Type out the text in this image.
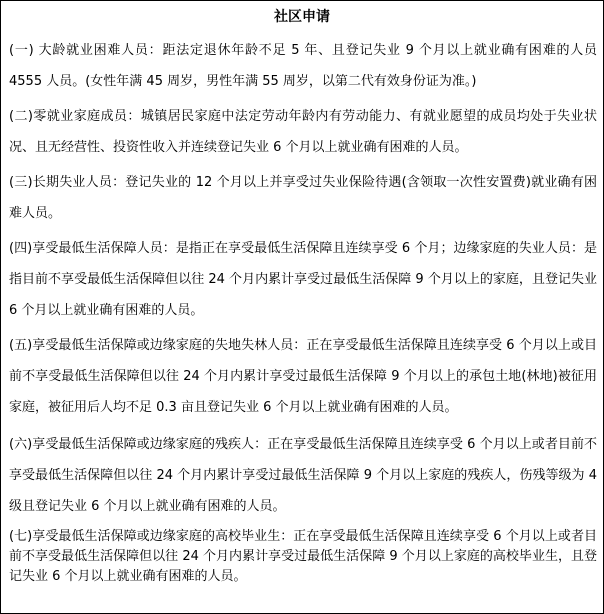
社区申请
(一) 大龄就业困难人员：距法定退休年龄不足 5 年、且登记失业 9 个月以上就业确有困难的人员 4555 人员。(女性年满 45 周岁，男性年满 55 周岁，以第二代有效身份证为准。)
(二)零就业家庭成员：城镇居民家庭中法定劳动年龄内有劳动能力、有就业愿望的成员均处于失业状况、且无经营性、投资性收入并连续登记失业 6 个月以上就业确有困难的人员。
(三)长期失业人员：登记失业的 12 个月以上并享受过失业保险待遇(含领取一次性安置费)就业确有困难人员。
(四)享受最低生活保障人员：是指正在享受最低生活保障且连续享受 6 个月；边缘家庭的失业人员：是指目前不享受最低生活保障但以往 24 个月内累计享受过最低生活保障 9 个月以上的家庭，且登记失业 6 个月以上就业确有困难的人员。
(五)享受最低生活保障或边缘家庭的失地失林人员：正在享受最低生活保障且连续享受 6 个月以上或目前不享受最低生活保障但以往 24 个月内累计享受过最低生活保障 9 个月以上的承包土地(林地)被征用家庭，被征用后人均不足 0.3 亩且登记失业 6 个月以上就业确有困难的人员。
(六)享受最低生活保障或边缘家庭的残疾人：正在享受最低生活保障且连续享受 6 个月以上或者目前不享受最低生活保障但以往 24 个月内累计享受过最低生活保障 9 个月以上家庭的残疾人，伤残等级为 4 级且登记失业 6 个月以上就业确有困难的人员。
(七)享受最低生活保障或边缘家庭的高校毕业生：正在享受最低生活保障且连续享受 6 个月以上或者目前不享受最低生活保障但以往 24 个月内累计享受过最低生活保障 9 个月以上家庭的高校毕业生，且登记失业 6 个月以上就业确有困难的人员。
